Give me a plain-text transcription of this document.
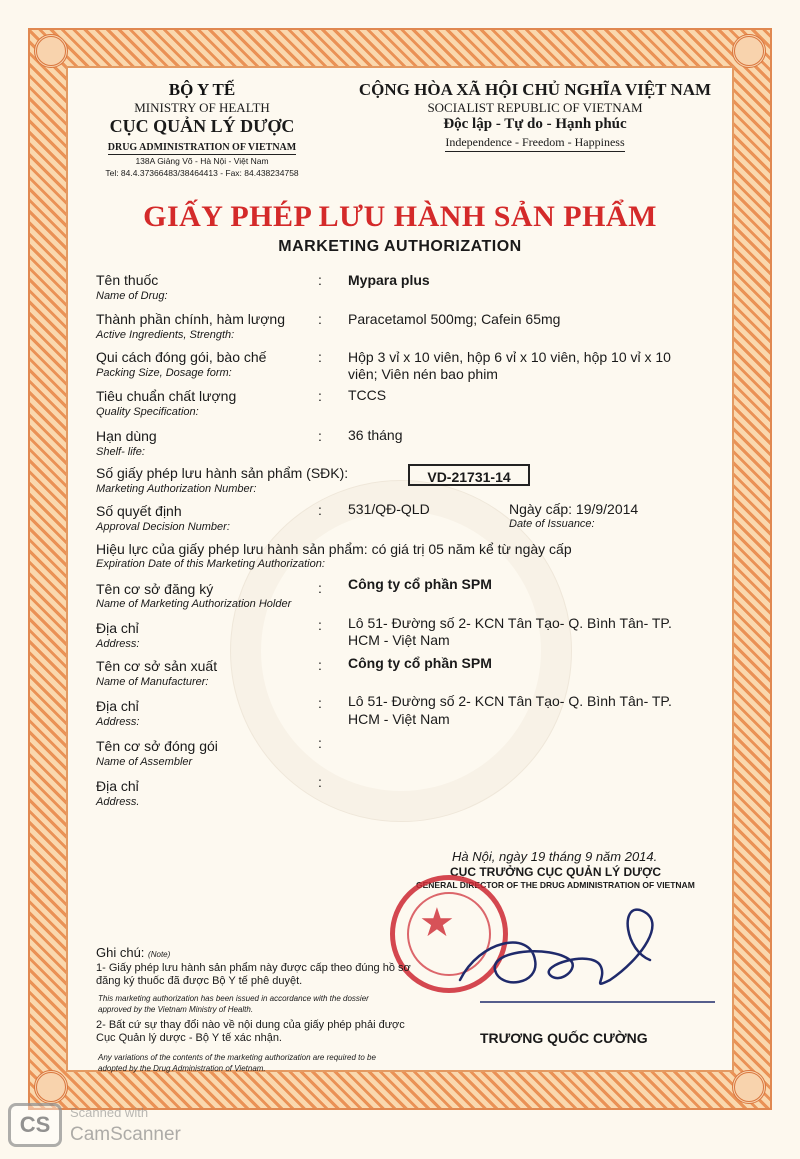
BỘ Y TẾ
MINISTRY OF HEALTH
CỤC QUẢN LÝ DƯỢC
DRUG ADMINISTRATION OF VIETNAM
138A Giảng Võ - Hà Nội - Việt Nam
Tel: 84.4.37366483/38464413 - Fax: 84.438234758
CỘNG HÒA XÃ HỘI CHỦ NGHĨA VIỆT NAM
SOCIALIST REPUBLIC OF VIETNAM
Độc lập - Tự do - Hạnh phúc
Independence - Freedom - Happiness
GIẤY PHÉP LƯU HÀNH SẢN PHẨM
MARKETING AUTHORIZATION
Tên thuốc
Name of Drug:
: Mypara plus
Thành phần chính, hàm lượng
Active Ingredients, Strength:
: Paracetamol 500mg; Cafein 65mg
Qui cách đóng gói, bào chế
Packing Size, Dosage form:
: Hộp 3 vỉ x 10 viên, hộp 6 vỉ x 10 viên, hộp 10 vỉ x 10
viên; Viên nén bao phim
Tiêu chuẩn chất lượng
Quality Specification:
: TCCS
Hạn dùng
Shelf- life:
: 36 tháng
Số giấy phép lưu hành sản phẩm (SĐK):
Marketing Authorization Number:
VD-21731-14
Số quyết định
Approval Decision Number:
: 531/QĐ-QLD	Ngày cấp: 19/9/2014
Date of Issuance:
Hiệu lực của giấy phép lưu hành sản phẩm: có giá trị 05 năm kể từ ngày cấp
Expiration Date of this Marketing Authorization:
Tên cơ sở đăng ký
Name of Marketing Authorization Holder
: Công ty cổ phần SPM
Địa chỉ
Address:
: Lô 51- Đường số 2- KCN Tân Tạo- Q. Bình Tân- TP.
HCM - Việt Nam
Tên cơ sở sản xuất
Name of Manufacturer:
: Công ty cổ phần SPM
Địa chỉ
Address:
: Lô 51- Đường số 2- KCN Tân Tạo- Q. Bình Tân- TP.
HCM - Việt Nam
Tên cơ sở đóng gói
Name of Assembler
:
Địa chỉ
Address.
:
Hà Nội, ngày 19 tháng 9 năm 2014.
CỤC TRƯỞNG CỤC QUẢN LÝ DƯỢC
GENERAL DIRECTOR OF THE DRUG ADMINISTRATION OF VIETNAM
★
TRƯƠNG QUỐC CƯỜNG
Ghi chú: (Note)
1- Giấy phép lưu hành sản phẩm này được cấp theo đúng hồ sơ
đăng ký thuốc đã được Bộ Y tế phê duyệt.
This marketing authorization has been issued in accordance with the dossier
approved by the Vietnam Ministry of Health.
2- Bất cứ sự thay đổi nào về nội dung của giấy phép phải được
Cục Quản lý dược - Bộ Y tế xác nhận.
Any variations of the contents of the marketing authorization are required to be
adopted by the Drug Administration of Vietnam.
CS	Scanned with
CamScanner
